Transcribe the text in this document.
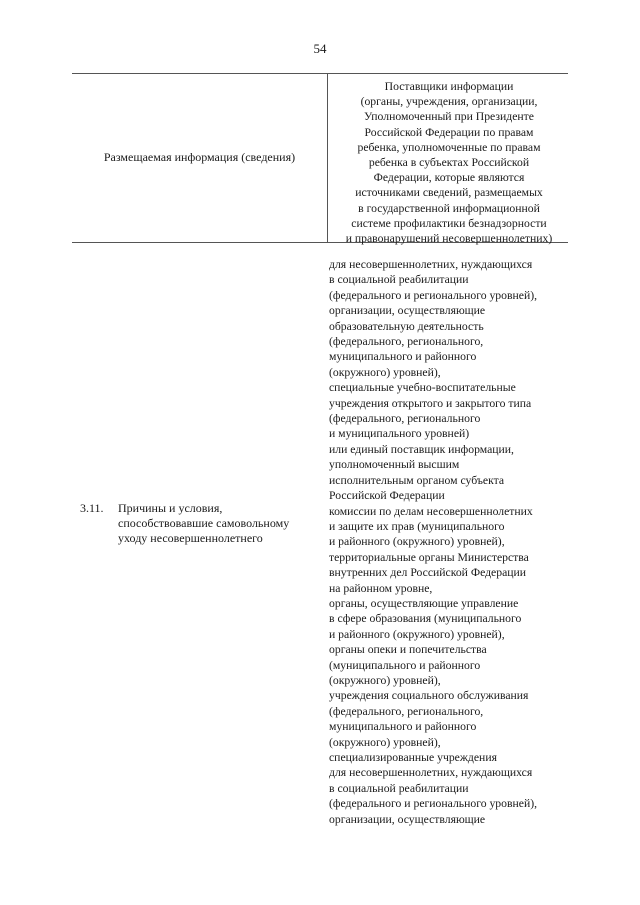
54
Размещаемая информация (сведения)
Поставщики информации
(органы, учреждения, организации,
Уполномоченный при Президенте
Российской Федерации по правам
ребенка, уполномоченные по правам
ребенка в субъектах Российской
Федерации, которые являются
источниками сведений, размещаемых
в государственной информационной
системе профилактики безнадзорности
и правонарушений несовершеннолетних)
для несовершеннолетних, нуждающихся
в социальной реабилитации
(федерального и регионального уровней),
организации, осуществляющие
образовательную деятельность
(федерального, регионального,
муниципального и районного
(окружного) уровней),
специальные учебно-воспитательные
учреждения открытого и закрытого типа
(федерального, регионального
и муниципального уровней)
или единый поставщик информации,
уполномоченный высшим
исполнительным органом субъекта
Российской Федерации
комиссии по делам несовершеннолетних
и защите их прав (муниципального
и районного (окружного) уровней),
территориальные органы Министерства
внутренних дел Российской Федерации
на районном уровне,
органы, осуществляющие управление
в сфере образования (муниципального
и районного (окружного) уровней),
органы опеки и попечительства
(муниципального и районного
(окружного) уровней),
учреждения социального обслуживания
(федерального, регионального,
муниципального и районного
(окружного) уровней),
специализированные учреждения
для несовершеннолетних, нуждающихся
в социальной реабилитации
(федерального и регионального уровней),
организации, осуществляющие
3.11. Причины и условия,
способствовавшие самовольному
уходу несовершеннолетнего
